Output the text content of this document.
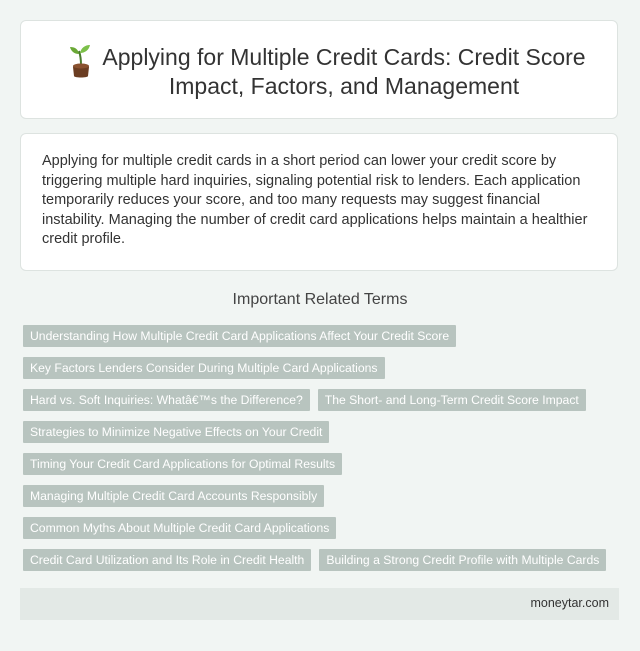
Applying for Multiple Credit Cards: Credit Score Impact, Factors, and Management

Applying for multiple credit cards in a short period can lower your credit score by triggering multiple hard inquiries, signaling potential risk to lenders. Each application temporarily reduces your score, and too many requests may suggest financial instability. Managing the number of credit card applications helps maintain a healthier credit profile.

Important Related Terms
Understanding How Multiple Credit Card Applications Affect Your Credit Score
Key Factors Lenders Consider During Multiple Card Applications
Hard vs. Soft Inquiries: Whatâ€™s the Difference?	The Short- and Long-Term Credit Score Impact
Strategies to Minimize Negative Effects on Your Credit
Timing Your Credit Card Applications for Optimal Results
Managing Multiple Credit Card Accounts Responsibly
Common Myths About Multiple Credit Card Applications
Credit Card Utilization and Its Role in Credit Health	Building a Strong Credit Profile with Multiple Cards
moneytar.com
